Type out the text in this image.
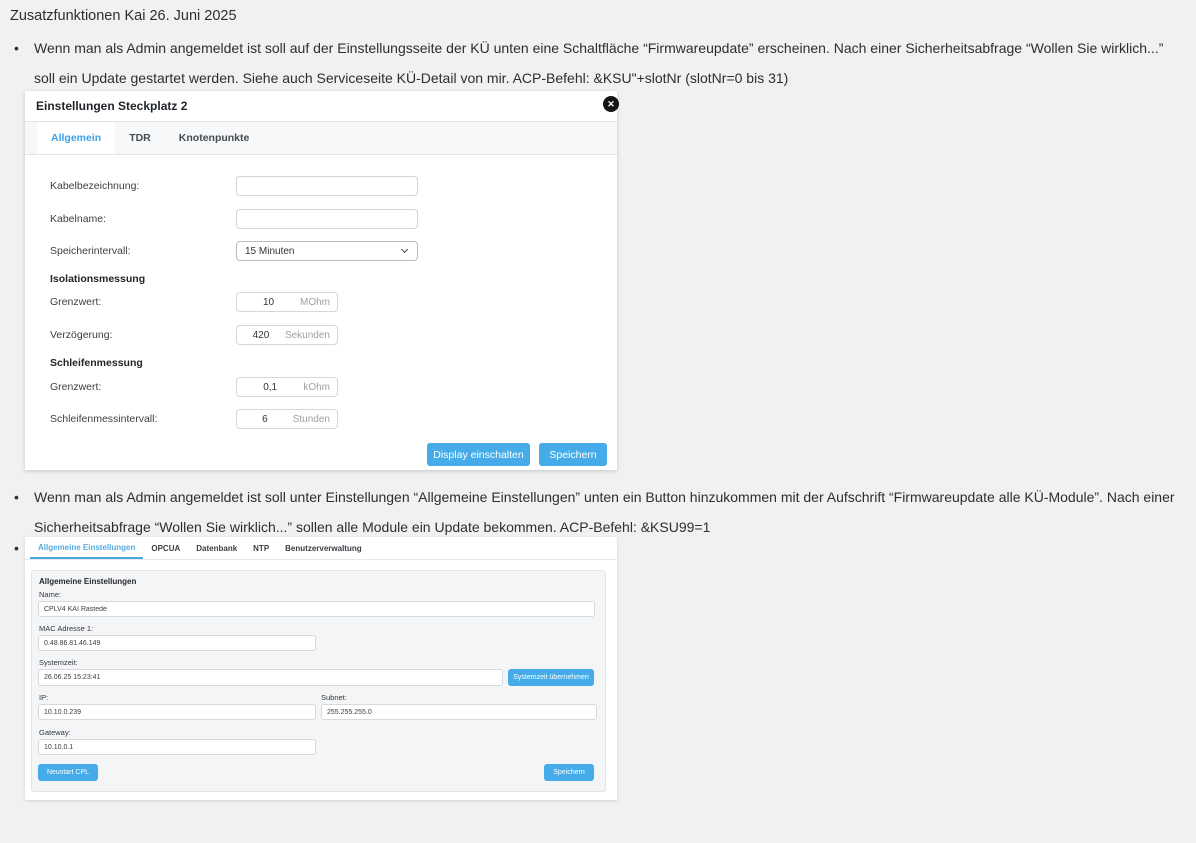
Zusatzfunktionen Kai 26. Juni 2025
•	Wenn man als Admin angemeldet ist soll auf der Einstellungsseite der KÜ unten eine Schaltfläche “Firmwareupdate” erscheinen. Nach einer Sicherheitsabfrage “Wollen Sie wirklich...” soll ein Update gestartet werden. Siehe auch Serviceseite KÜ-Detail von mir. ACP-Befehl: &KSU"+slotNr (slotNr=0 bis 31)
Einstellungen Steckplatz 2	✕
Allgemein	TDR	Knotenpunkte
Kabelbezeichnung:
Kabelname:
Speicherintervall:	15 Minuten
Isolationsmessung
Grenzwert:	10	MOhm
Verzögerung:	420	Sekunden
Schleifenmessung
Grenzwert:	0,1	kOhm
Schleifenmessintervall:	6	Stunden
Display einschalten	Speichern
•	Wenn man als Admin angemeldet ist soll unter Einstellungen “Allgemeine Einstellungen” unten ein Button hinzukommen mit der Aufschrift “Firmwareupdate alle KÜ-Module”. Nach einer Sicherheitsabfrage “Wollen Sie wirklich...” sollen alle Module ein Update bekommen. ACP-Befehl: &KSU99=1
•	Allgemeine Einstellungen	OPCUA	Datenbank	NTP	Benutzerverwaltung
Allgemeine Einstellungen
Name:
CPLV4 KAI Rastede
MAC Adresse 1:
0.48.86.81.46.149
Systemzeit:
26.06.25 15:23:41
Systemzeit übernehmen
IP:
10.10.0.239	Subnet:
255.255.255.0
Gateway:
10.10.0.1
Neustart CPL	Speichern
